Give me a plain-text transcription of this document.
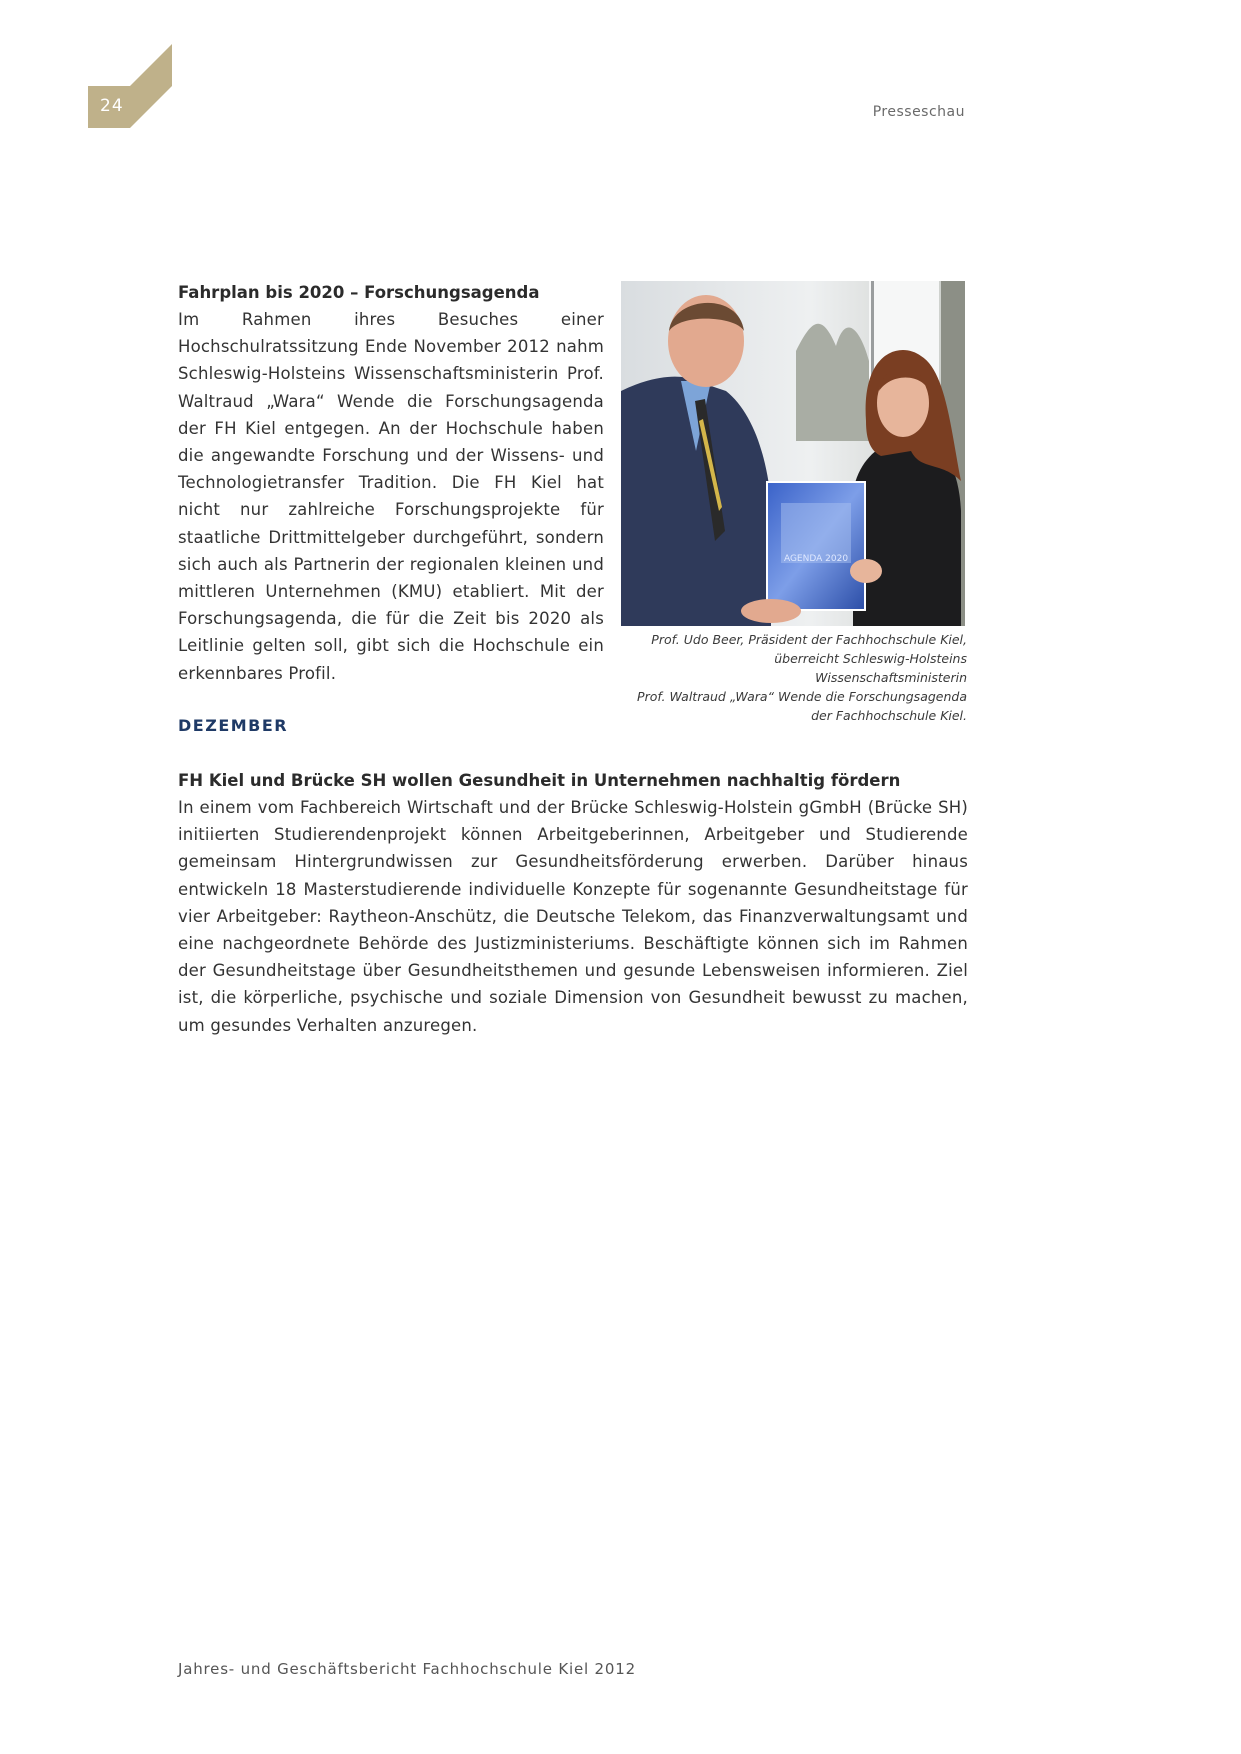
24	Presseschau

Fahrplan bis 2020 – Forschungsagenda

Im Rahmen ihres Besuches einer Hochschulratssitzung Ende November 2012 nahm Schleswig-Holsteins Wissenschaftsministerin Prof. Waltraud „Wara“ Wende die Forschungsagenda der FH Kiel entgegen. An der Hochschule haben die angewandte Forschung und der Wissens- und Technologietransfer Tradition. Die FH Kiel hat nicht nur zahlreiche Forschungsprojekte für staatliche Drittmittelgeber durchgeführt, sondern sich auch als Partnerin der regionalen kleinen und mittleren Unternehmen (KMU) etabliert. Mit der Forschungsagenda, die für die Zeit bis 2020 als Leitlinie gelten soll, gibt sich die Hochschule ein erkennbares Profil.

AGENDA 2020
Prof. Udo Beer, Präsident der Fachhochschule Kiel,
überreicht Schleswig-Holsteins Wissenschaftsministerin
Prof. Waltraud „Wara“ Wende die Forschungsagenda
der Fachhochschule Kiel.
DEZEMBER

FH Kiel und Brücke SH wollen Gesundheit in Unternehmen nachhaltig fördern

In einem vom Fachbereich Wirtschaft und der Brücke Schleswig-Holstein gGmbH (Brücke SH) initiierten Studierendenprojekt können Arbeitgeberinnen, Arbeitgeber und Studierende gemeinsam Hintergrundwissen zur Gesundheitsförderung erwerben. Darüber hinaus entwickeln 18 Masterstudierende individuelle Konzepte für sogenannte Gesundheitstage für vier Arbeitgeber: Raytheon-Anschütz, die Deutsche Telekom, das Finanzverwaltungsamt und eine nachgeordnete Behörde des Justizministeriums. Beschäftigte können sich im Rahmen der Gesundheitstage über Gesundheitsthemen und gesunde Lebensweisen informieren. Ziel ist, die körperliche, psychische und soziale Dimension von Gesundheit bewusst zu machen, um gesundes Verhalten anzuregen.

Jahres- und Geschäftsbericht Fachhochschule Kiel 2012
